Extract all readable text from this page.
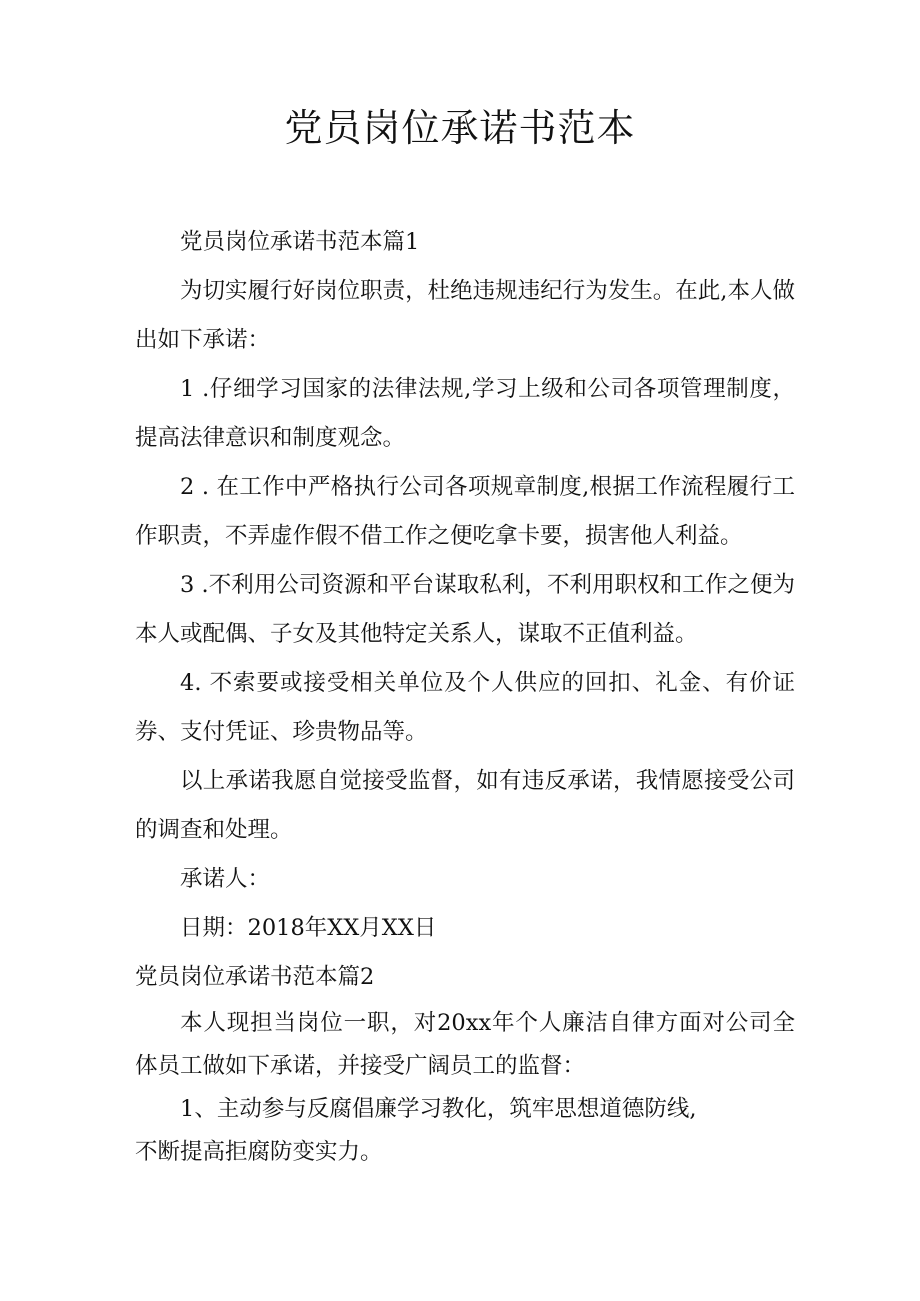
党员岗位承诺书范本

党员岗位承诺书范本篇1

为切实履行好岗位职责，杜绝违规违纪行为发生。在此,本人做出如下承诺：

1 .仔细学习国家的法律法规,学习上级和公司各项管理制度，提高法律意识和制度观念。

2 . 在工作中严格执行公司各项规章制度,根据工作流程履行工作职责，不弄虚作假不借工作之便吃拿卡要，损害他人利益。

3 .不利用公司资源和平台谋取私利，不利用职权和工作之便为本人或配偶、子女及其他特定关系人，谋取不正值利益。

4. 不索要或接受相关单位及个人供应的回扣、礼金、有价证券、支付凭证、珍贵物品等。

以上承诺我愿自觉接受监督，如有违反承诺，我情愿接受公司的调查和处理。

承诺人：

日期：2018年XX月XX日

党员岗位承诺书范本篇2

本人现担当岗位一职，对20xx年个人廉洁自律方面对公司全体员工做如下承诺，并接受广阔员工的监督：

1、主动参与反腐倡廉学习教化，筑牢思想道德防线,

不断提高拒腐防变实力。
